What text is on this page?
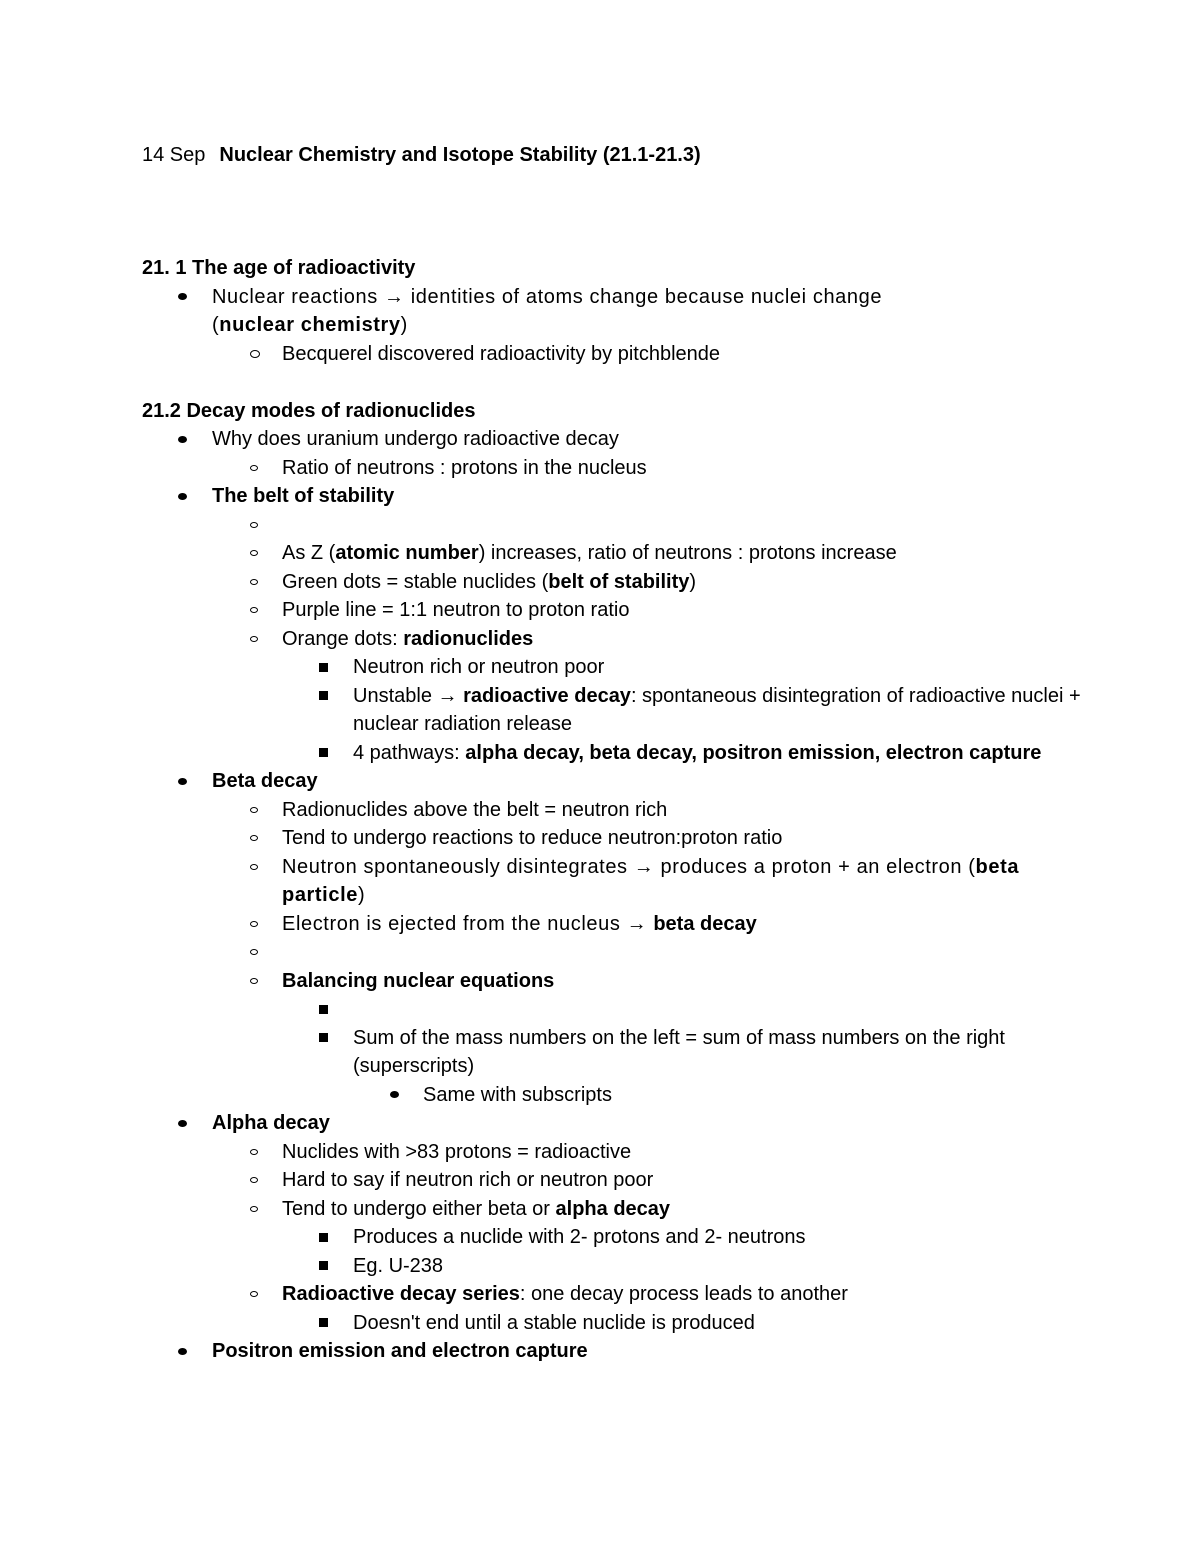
14 Sep Nuclear Chemistry and Isotope Stability (21.1-21.3)
21. 1 The age of radioactivity
Nuclear reactions → identities of atoms change because nuclei change
(nuclear chemistry)
Becquerel discovered radioactivity by pitchblende
21.2 Decay modes of radionuclides
Why does uranium undergo radioactive decay
Ratio of neutrons : protons in the nucleus
The belt of stability

As Z (atomic number) increases, ratio of neutrons : protons increase
Green dots = stable nuclides (belt of stability)
Purple line = 1:1 neutron to proton ratio
Orange dots: radionuclides
Neutron rich or neutron poor
Unstable → radioactive decay: spontaneous disintegration of radioactive nuclei + nuclear radiation release
4 pathways: alpha decay, beta decay, positron emission, electron capture
Beta decay
Radionuclides above the belt = neutron rich
Tend to undergo reactions to reduce neutron:proton ratio
Neutron spontaneously disintegrates → produces a proton + an electron (beta particle)
Electron is ejected from the nucleus → beta decay

Balancing nuclear equations

Sum of the mass numbers on the left = sum of mass numbers on the right (superscripts)
Same with subscripts
Alpha decay
Nuclides with >83 protons = radioactive
Hard to say if neutron rich or neutron poor
Tend to undergo either beta or alpha decay
Produces a nuclide with 2- protons and 2- neutrons
Eg. U-238
Radioactive decay series: one decay process leads to another
Doesn't end until a stable nuclide is produced
Positron emission and electron capture
